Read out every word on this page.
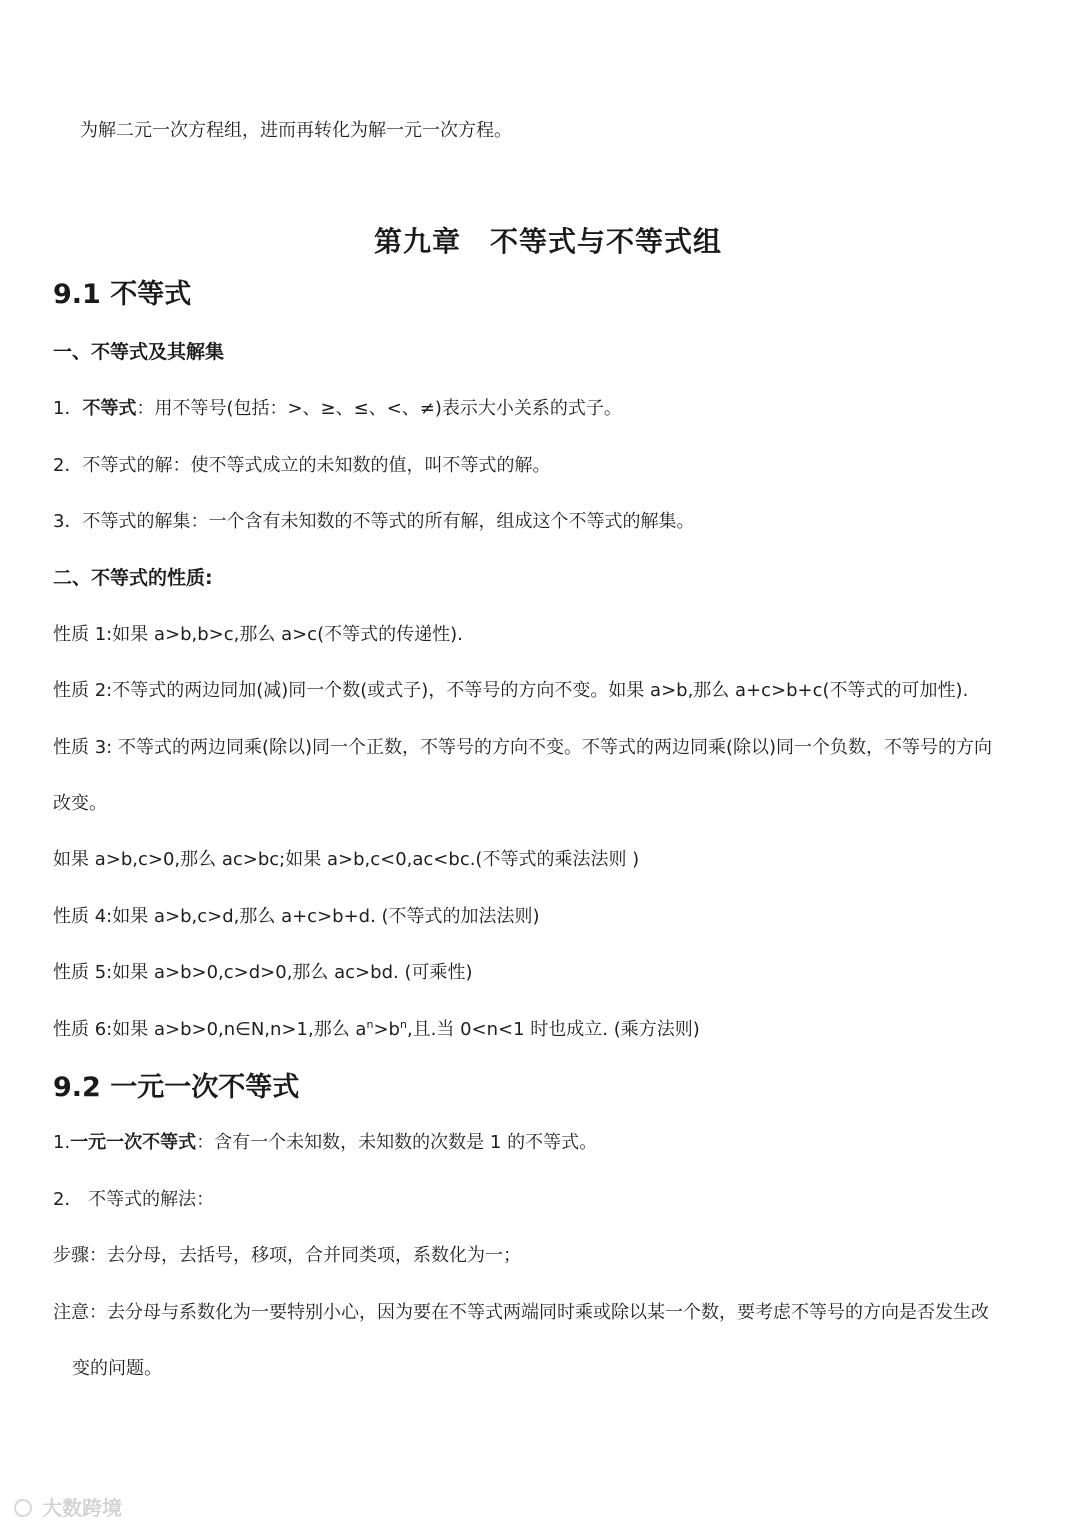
为解二元一次方程组，进而再转化为解一元一次方程。
第九章　不等式与不等式组
9.1 不等式
一、不等式及其解集
1．不等式：用不等号(包括：>、≥、≤、<、≠)表示大小关系的式子。
2．不等式的解：使不等式成立的未知数的值，叫不等式的解。
3．不等式的解集：一个含有未知数的不等式的所有解，组成这个不等式的解集。
二、不等式的性质:
性质 1:如果 a>b,b>c,那么 a>c(不等式的传递性).
性质 2:不等式的两边同加(减)同一个数(或式子)，不等号的方向不变。如果 a>b,那么 a+c>b+c(不等式的可加性).
性质 3: 不等式的两边同乘(除以)同一个正数，不等号的方向不变。不等式的两边同乘(除以)同一个负数，不等号的方向
改变。
如果 a>b,c>0,那么 ac>bc;如果 a>b,c<0,ac<bc.(不等式的乘法法则 )
性质 4:如果 a>b,c>d,那么 a+c>b+d. (不等式的加法法则)
性质 5:如果 a>b>0,c>d>0,那么 ac>bd. (可乘性)
性质 6:如果 a>b>0,n∈N,n>1,那么 $a^n>b^n$,且.当 0<n<1 时也成立. (乘方法则)
9.2 一元一次不等式
1.一元一次不等式：含有一个未知数，未知数的次数是 1 的不等式。
2． 不等式的解法：
步骤：去分母，去括号，移项，合并同类项，系数化为一；
注意：去分母与系数化为一要特别小心，因为要在不等式两端同时乘或除以某一个数，要考虑不等号的方向是否发生改
变的问题。
大数跨境
